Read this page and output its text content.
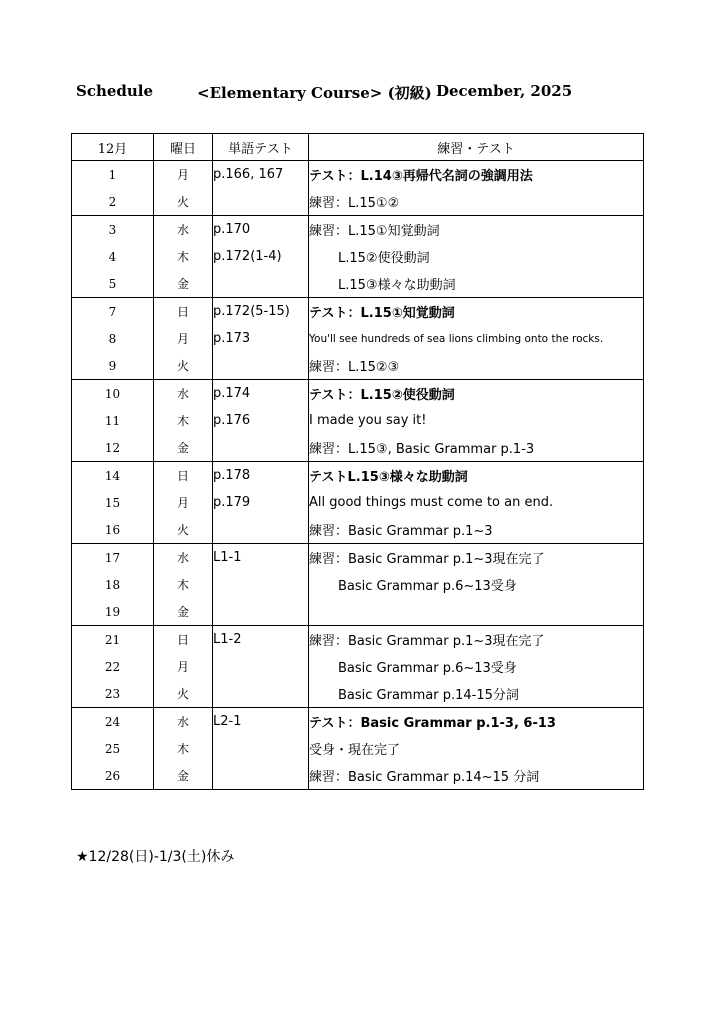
Schedule	<Elementary Course> (初級) December, 2025
12月	曜日	単語テスト	練習・テスト
1	月	p.166, 167	テスト：L.14③再帰代名詞の強調用法
2	火		練習：L.15①②
3	水	p.170	練習：L.15①知覚動詞
4	木	p.172(1-4)	L.15②使役動詞
5	金		L.15③様々な助動詞
7	日	p.172(5-15)	テスト：L.15①知覚動詞
8	月	p.173	You'll see hundreds of sea lions climbing onto the rocks.
9	火		練習：L.15②③
10	水	p.174	テスト：L.15②使役動詞
11	木	p.176	I made you say it!
12	金		練習：L.15③, Basic Grammar p.1-3
14	日	p.178	テストL.15③様々な助動詞
15	月	p.179	All good things must come to an end.
16	火		練習：Basic Grammar p.1~3
17	水	L1-1	練習：Basic Grammar p.1~3現在完了
18	木		Basic Grammar p.6~13受身
19	金		
21	日	L1-2	練習：Basic Grammar p.1~3現在完了
22	月		Basic Grammar p.6~13受身
23	火		Basic Grammar p.14-15分詞
24	水	L2-1	テスト：Basic Grammar p.1-3, 6-13
25	木		受身・現在完了
26	金		練習：Basic Grammar p.14~15 分詞
★12/28(日)-1/3(土)休み
